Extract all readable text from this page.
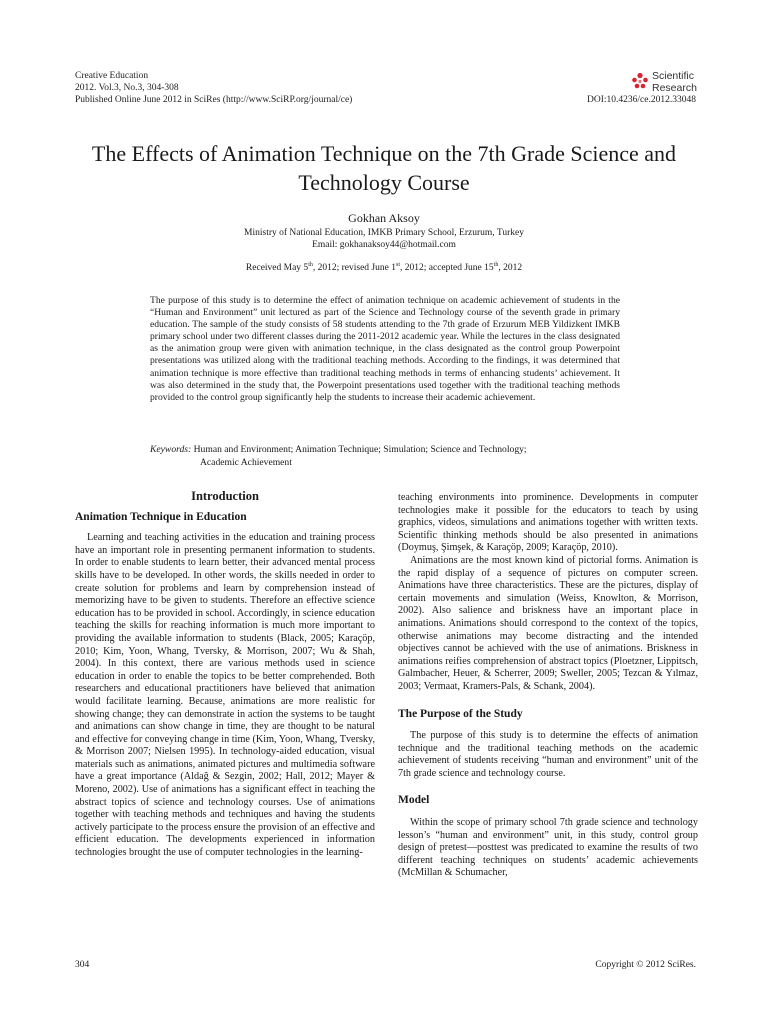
Creative Education
2012. Vol.3, No.3, 304-308
Published Online June 2012 in SciRes (http://www.SciRP.org/journal/ce)
Scientific
Research
DOI:10.4236/ce.2012.33048
The Effects of Animation Technique on the 7th Grade Science and Technology Course
Gokhan Aksoy
Ministry of National Education, IMKB Primary School, Erzurum, Turkey
Email: gokhanaksoy44@hotmail.com
Received May 5th, 2012; revised June 1st, 2012; accepted June 15th, 2012

The purpose of this study is to determine the effect of animation technique on academic achievement of students in the “Human and Environment” unit lectured as part of the Science and Technology course of the seventh grade in primary education. The sample of the study consists of 58 students attending to the 7th grade of Erzurum MEB Yildizkent IMKB primary school under two different classes during the 2011-2012 academic year. While the lectures in the class designated as the animation group were given with animation technique, in the class designated as the control group Powerpoint presentations was utilized along with the traditional teaching methods. According to the findings, it was determined that animation technique is more effective than traditional teaching methods in terms of enhancing students’ achievement. It was also determined in the study that, the Powerpoint presentations used together with the traditional teaching methods provided to the control group significantly help the students to increase their academic achievement.

Keywords: Human and Environment; Animation Technique; Simulation; Science and Technology;
Academic Achievement
Introduction
Animation Technique in Education

Learning and teaching activities in the education and training process have an important role in presenting permanent information to students. In order to enable students to learn better, their advanced mental process skills have to be developed. In other words, the skills needed in order to create solution for problems and learn by comprehension instead of memorizing have to be given to students. Therefore an effective science education has to be provided in school. Accordingly, in science education teaching the skills for reaching information is much more important to providing the available information to students (Black, 2005; Karaçöp, 2010; Kim, Yoon, Whang, Tversky, & Morrison, 2007; Wu & Shah, 2004). In this context, there are various methods used in science education in order to enable the topics to be better comprehended. Both researchers and educational practitioners have believed that animation would facilitate learning. Because, animations are more realistic for showing change; they can demonstrate in action the systems to be taught and animations can show change in time, they are thought to be natural and effective for conveying change in time (Kim, Yoon, Whang, Tversky, & Morrison 2007; Nielsen 1995). In technology-aided education, visual materials such as animations, animated pictures and multimedia software have a great importance (Aldağ & Sezgin, 2002; Hall, 2012; Mayer & Moreno, 2002). Use of animations has a significant effect in teaching the abstract topics of science and technology courses. Use of animations together with teaching methods and techniques and having the students actively participate to the process ensure the provision of an effective and efficient education. The developments experienced in information technologies brought the use of computer technologies in the learning-

teaching environments into prominence. Developments in computer technologies make it possible for the educators to teach by using graphics, videos, simulations and animations together with written texts. Scientific thinking methods should be also presented in animations (Doymuş, Şimşek, & Karaçöp, 2009; Karaçöp, 2010).

Animations are the most known kind of pictorial forms. Animation is the rapid display of a sequence of pictures on computer screen. Animations have three characteristics. These are the pictures, display of certain movements and simulation (Weiss, Knowlton, & Morrison, 2002). Also salience and briskness have an important place in animations. Animations should correspond to the context of the topics, otherwise animations may become distracting and the intended objectives cannot be achieved with the use of animations. Briskness in animations reifies comprehension of abstract topics (Ploetzner, Lippitsch, Galmbacher, Heuer, & Scherrer, 2009; Sweller, 2005; Tezcan & Yılmaz, 2003; Vermaat, Kramers-Pals, & Schank, 2004).

The Purpose of the Study

The purpose of this study is to determine the effects of animation technique and the traditional teaching methods on the academic achievement of students receiving “human and environment” unit of the 7th grade science and technology course.

Model

Within the scope of primary school 7th grade science and technology lesson’s “human and environment” unit, in this study, control group design of pretest—posttest was predicated to examine the results of two different teaching techniques on students’ academic achievements (McMillan & Schumacher,

304	Copyright © 2012 SciRes.
